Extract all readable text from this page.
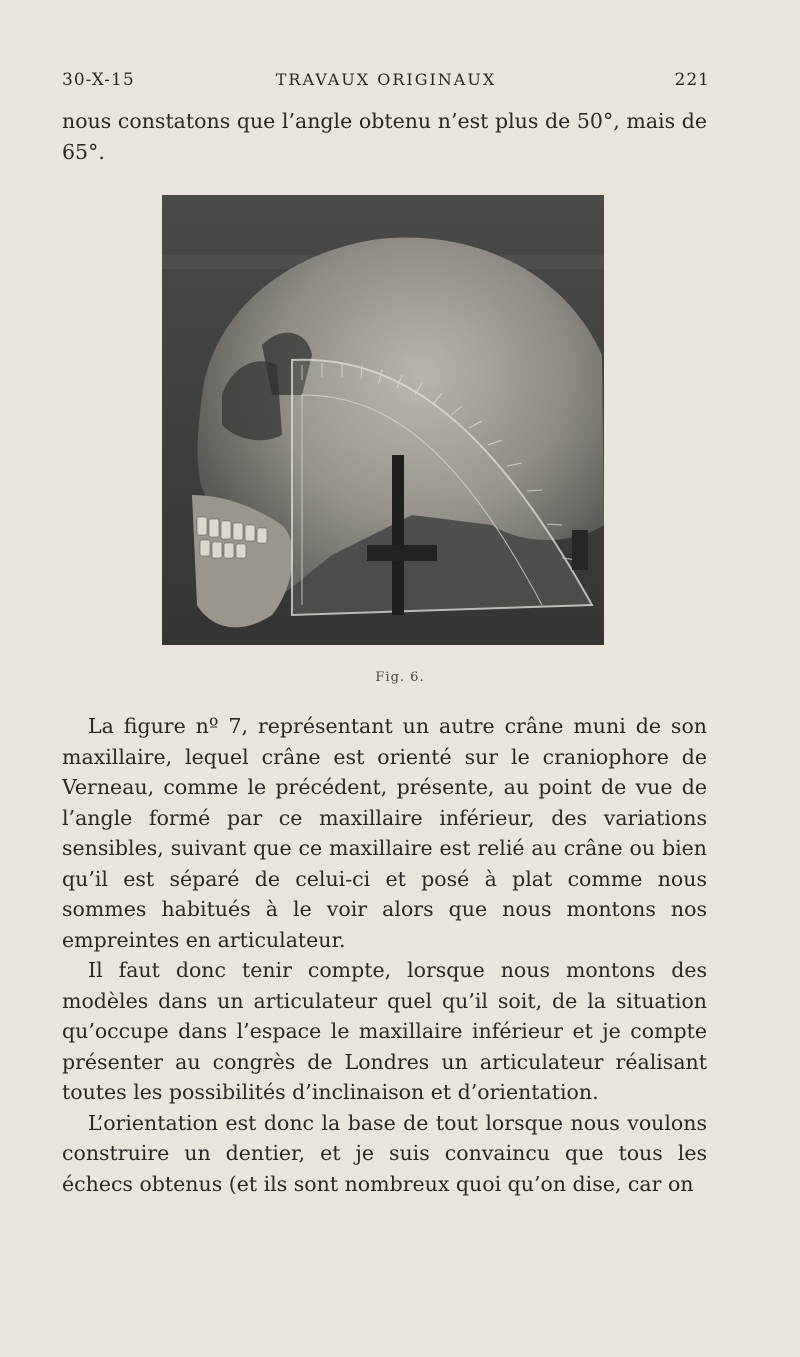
30-X-15	TRAVAUX ORIGINAUX	221

nous constatons que l’angle obtenu n’est plus de 50°, mais de 65°.

Fig. 6.

La figure nº 7, représentant un autre crâne muni de son maxillaire, lequel crâne est orienté sur le craniophore de Verneau, comme le précédent, présente, au point de vue de l’angle formé par ce maxillaire inférieur, des variations sensibles, suivant que ce maxillaire est relié au crâne ou bien qu’il est séparé de celui-ci et posé à plat comme nous sommes habitués à le voir alors que nous montons nos empreintes en articulateur.

Il faut donc tenir compte, lorsque nous montons des modèles dans un articulateur quel qu’il soit, de la situation qu’occupe dans l’espace le maxillaire inférieur et je compte présenter au congrès de Londres un articulateur réalisant toutes les possibilités d’inclinaison et d’orientation.

L’orientation est donc la base de tout lorsque nous voulons construire un dentier, et je suis convaincu que tous les échecs obtenus (et ils sont nombreux quoi qu’on dise, car on
